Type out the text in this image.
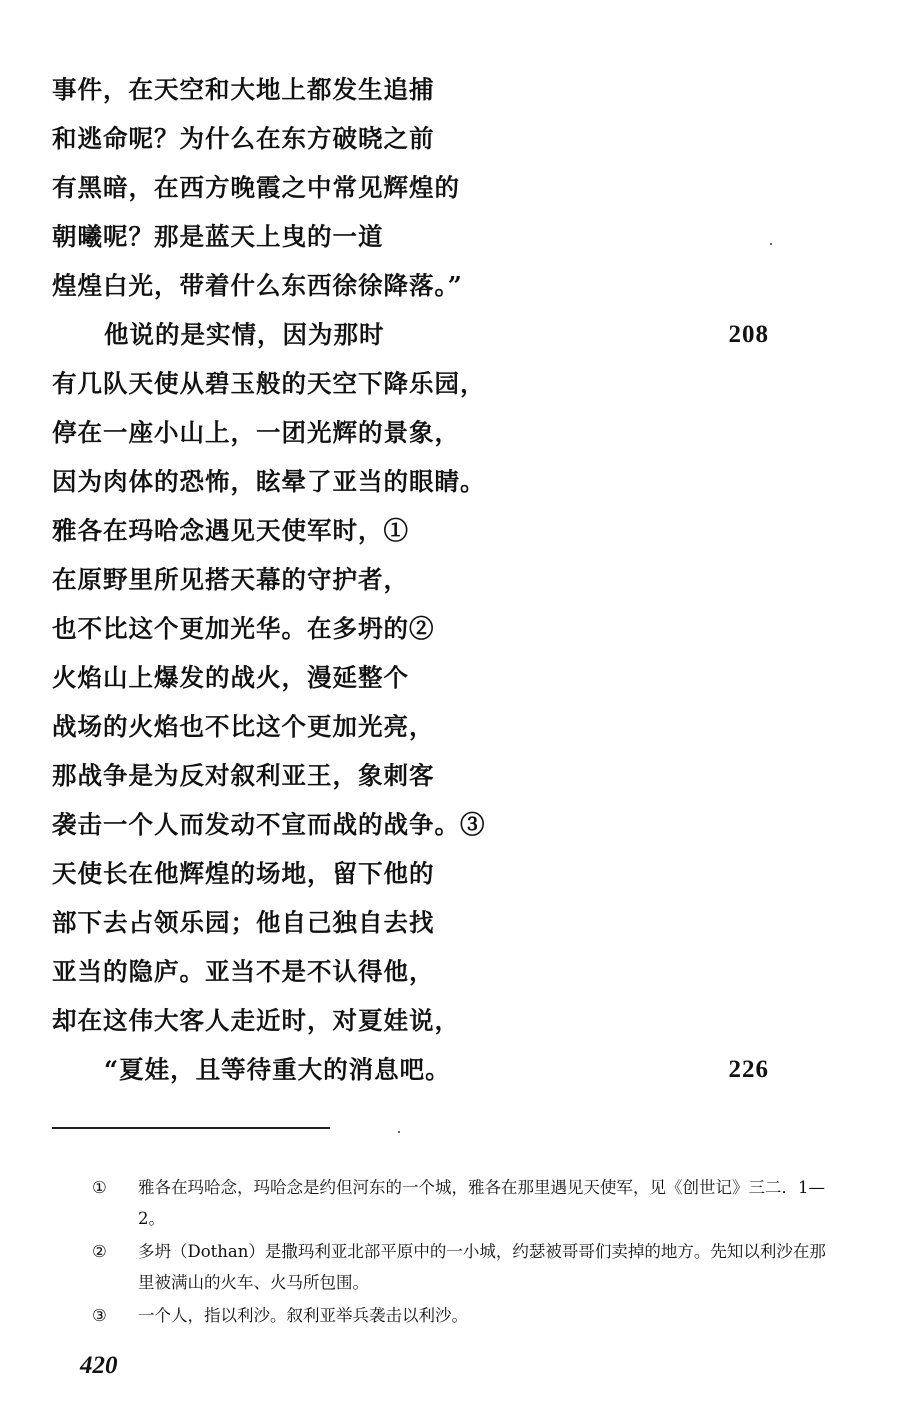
事件，在天空和大地上都发生追捕
和逃命呢？为什么在东方破晓之前
有黑暗，在西方晚霞之中常见辉煌的
朝曦呢？那是蓝天上曳的一道
煌煌白光，带着什么东西徐徐降落。”
他说的是实情，因为那时	208
有几队天使从碧玉般的天空下降乐园，
停在一座小山上，一团光辉的景象，
因为肉体的恐怖，眩晕了亚当的眼睛。
雅各在玛哈念遇见天使军时，①
在原野里所见搭天幕的守护者，
也不比这个更加光华。在多坍的②
火焰山上爆发的战火，漫延整个
战场的火焰也不比这个更加光亮，
那战争是为反对叙利亚王，象刺客
袭击一个人而发动不宣而战的战争。③
天使长在他辉煌的场地，留下他的
部下去占领乐园；他自己独自去找
亚当的隐庐。亚当不是不认得他，
却在这伟大客人走近时，对夏娃说，
“夏娃，且等待重大的消息吧。	226
①	雅各在玛哈念，玛哈念是约但河东的一个城，雅各在那里遇见天使军，见《创世记》三二．1—2。
②	多坍（Dothan）是撒玛利亚北部平原中的一小城，约瑟被哥哥们卖掉的地方。先知以利沙在那里被满山的火车、火马所包围。
③	一个人，指以利沙。叙利亚举兵袭击以利沙。
420
